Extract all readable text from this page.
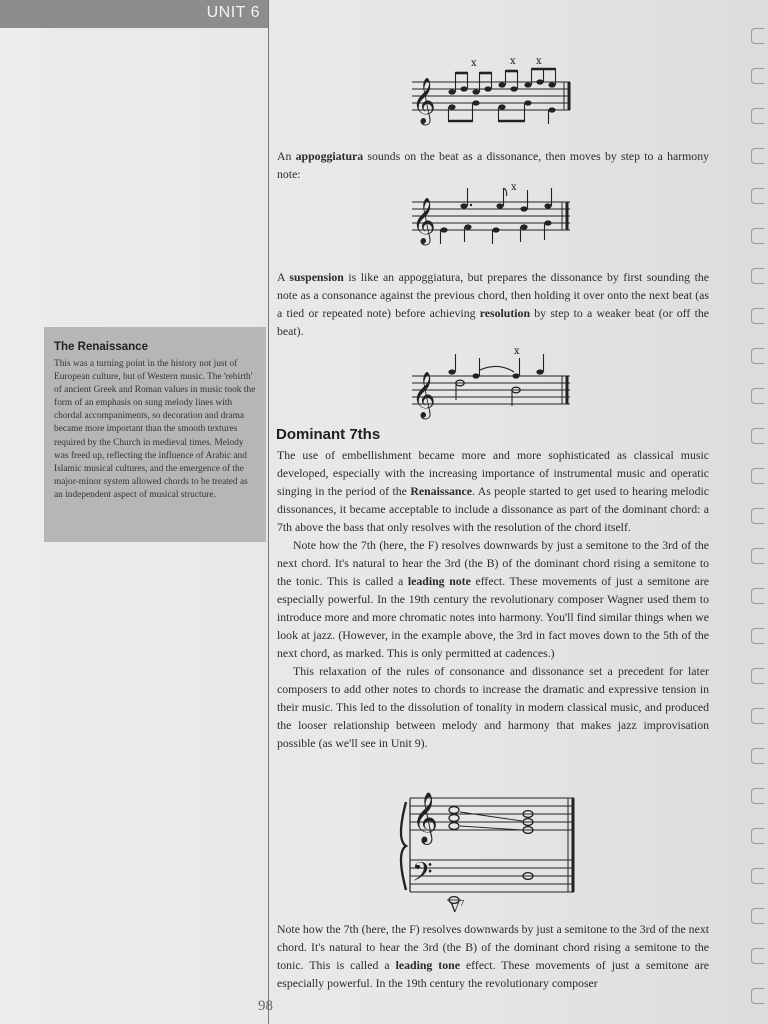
UNIT 6
The Renaissance

This was a turning point in the history not just of European culture, but of Western music. The 'rebirth' of ancient Greek and Roman values in music took the form of an emphasis on sung melody lines with chordal accompaniments, so decoration and drama became more important than the smooth textures required by the Church in medieval times. Melody was freed up, reflecting the influence of Arabic and Islamic musical cultures, and the emergence of the major-minor system allowed chords to be treated as an independent aspect of musical structure.

𝄞
x	x x

An appoggiatura sounds on the beat as a dissonance, then moves by step to a harmony note:

𝄞
x

A suspension is like an appoggiatura, but prepares the dissonance by first sounding the note as a consonance against the previous chord, then holding it over onto the next beat (as a tied or repeated note) before achieving resolution by step to a weaker beat (or off the beat).

𝄞
x
Dominant 7ths

The use of embellishment became more and more sophisticated as classical music developed, especially with the increasing importance of instrumental music and operatic singing in the period of the Renaissance. As people started to get used to hearing melodic dissonances, it became acceptable to include a dissonance as part of the dominant chord: a 7th above the bass that only resolves with the resolution of the chord itself.

Note how the 7th (here, the F) resolves downwards by just a semitone to the 3rd of the next chord. It's natural to hear the 3rd (the B) of the dominant chord rising a semitone to the tonic. This is called a leading note effect. These movements of just a semitone are especially powerful. In the 19th century the revolutionary composer Wagner used them to introduce more and more chromatic notes into harmony. You'll find similar things when we look at jazz. (However, in the example above, the 3rd in fact moves down to the 5th of the next chord, as marked. This is only permitted at cadences.)

This relaxation of the rules of consonance and dissonance set a precedent for later composers to add other notes to chords to increase the dramatic and expressive tension in their music. This led to the dissolution of tonality in modern classical music, and produced the looser relationship between melody and harmony that makes jazz improvisation possible (as we'll see in Unit 9).

𝄞
𝄢
$V^7$

Note how the 7th (here, the F) resolves downwards by just a semitone to the 3rd of the next chord. It's natural to hear the 3rd (the B) of the dominant chord rising a semitone to the tonic. This is called a leading tone effect. These movements of just a semitone are especially powerful. In the 19th century the revolutionary composer

98
